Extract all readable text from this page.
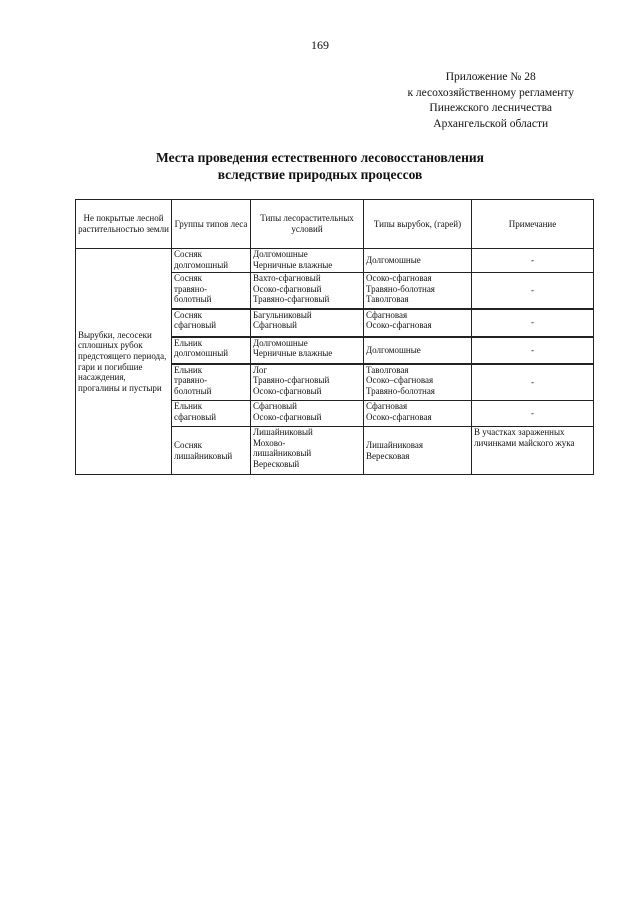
169
Приложение № 28
к лесохозяйственному регламенту
Пинежского лесничества
Архангельской области
Места проведения естественного лесовосстановления
вследствие природных процессов
Не покрытые лесной растительностью земли	Группы типов леса	Типы лесорастительных условий	Типы вырубок, (гарей)	Примечание
Вырубки, лесосеки сплошных рубок предстоящего периода, гари и погибшие насаждения, прогалины и пустыри	Сосняк
долгомошный	Долгомошные
Черничные влажные	Долгомошные	-

	Сосняк
травяно-
болотный	Вахто-сфагновый
Осоко-сфагновый
Травяно-сфагновый	Осоко-сфагновая
Травяно-болотная
Таволговая	-

	Сосняк
сфагновый	Багульниковый
Сфагновый	Сфагновая
Осоко-сфагновая	-

	Ельник
долгомошный	Долгомошные
Черничные влажные	Долгомошные	-

	Ельник
травяно-
болотный	Лог
Травяно-сфагновый
Осоко-сфагновый	Таволговая
Осоко–сфагновая
Травяно-болотная	-

	Ельник
сфагновый	Сфагновый
Осоко-сфагновый	Сфагновая
Осоко-сфагновая	-

	Сосняк
лишайниковый	Лишайниковый
Мохово-
лишайниковый
Вересковый	Лишайниковая
Вересковая	В участках зараженных личинками майского жука
